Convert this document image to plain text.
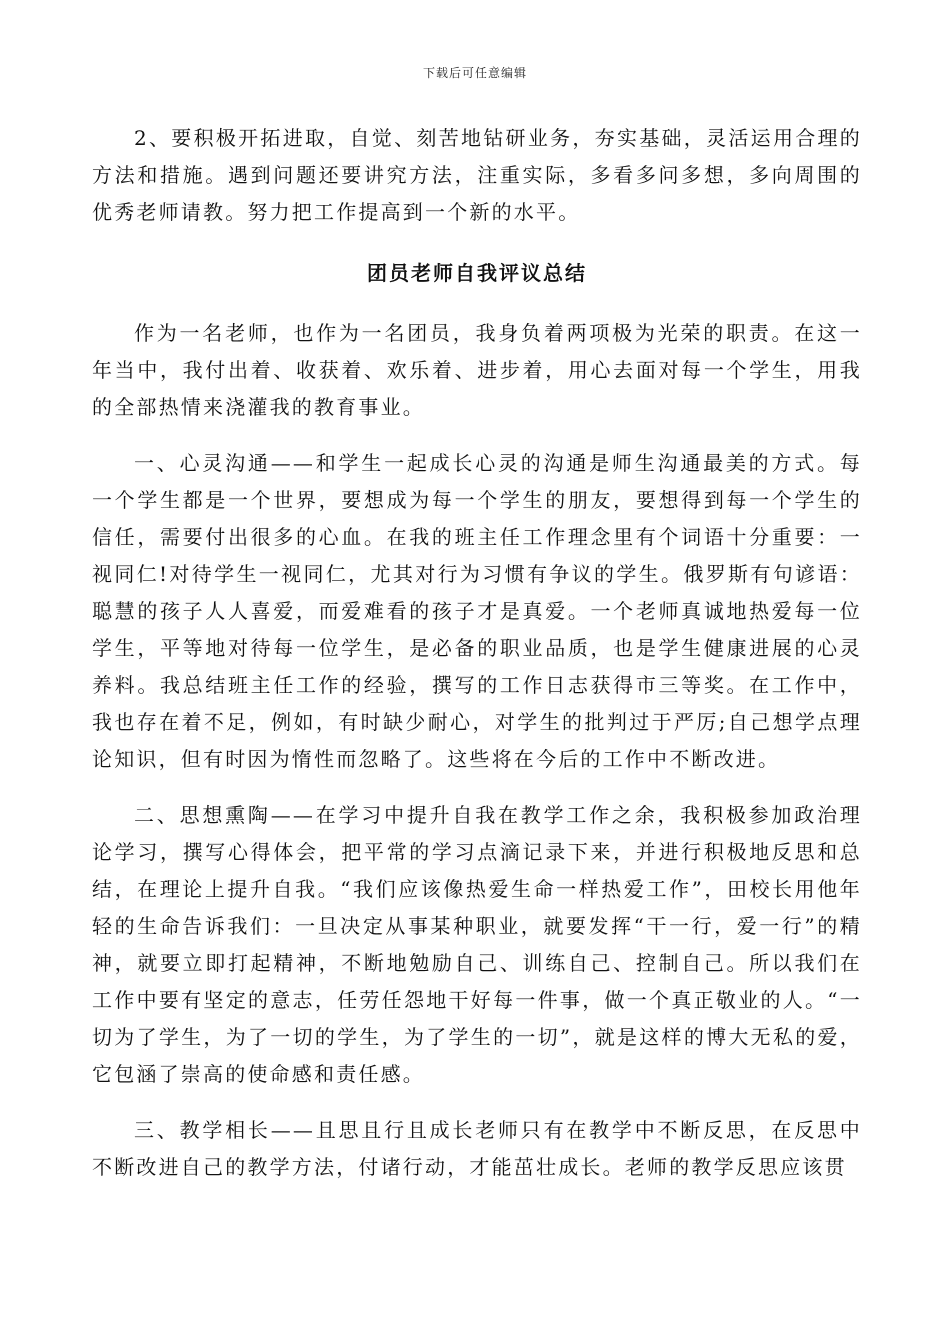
下载后可任意编辑

2、要积极开拓进取，自觉、刻苦地钻研业务，夯实基础，灵活运用合理的方法和措施。遇到问题还要讲究方法，注重实际，多看多问多想，多向周围的优秀老师请教。努力把工作提高到一个新的水平。

团员老师自我评议总结

作为一名老师，也作为一名团员，我身负着两项极为光荣的职责。在这一年当中，我付出着、收获着、欢乐着、进步着，用心去面对每一个学生，用我的全部热情来浇灌我的教育事业。

一、心灵沟通——和学生一起成长心灵的沟通是师生沟通最美的方式。每一个学生都是一个世界，要想成为每一个学生的朋友，要想得到每一个学生的信任，需要付出很多的心血。在我的班主任工作理念里有个词语十分重要：一视同仁!对待学生一视同仁，尤其对行为习惯有争议的学生。俄罗斯有句谚语：聪慧的孩子人人喜爱，而爱难看的孩子才是真爱。一个老师真诚地热爱每一位学生，平等地对待每一位学生，是必备的职业品质，也是学生健康进展的心灵养料。我总结班主任工作的经验，撰写的工作日志获得市三等奖。在工作中，我也存在着不足，例如，有时缺少耐心，对学生的批判过于严厉;自己想学点理论知识，但有时因为惰性而忽略了。这些将在今后的工作中不断改进。

二、思想熏陶——在学习中提升自我在教学工作之余，我积极参加政治理论学习，撰写心得体会，把平常的学习点滴记录下来，并进行积极地反思和总结，在理论上提升自我。“我们应该像热爱生命一样热爱工作”，田校长用他年轻的生命告诉我们：一旦决定从事某种职业，就要发挥“干一行，爱一行”的精神，就要立即打起精神，不断地勉励自己、训练自己、控制自己。所以我们在工作中要有坚定的意志，任劳任怨地干好每一件事，做一个真正敬业的人。“一切为了学生，为了一切的学生，为了学生的一切”，就是这样的博大无私的爱，它包涵了崇高的使命感和责任感。

三、教学相长——且思且行且成长老师只有在教学中不断反思，在反思中不断改进自己的教学方法，付诸行动，才能茁壮成长。老师的教学反思应该贯
